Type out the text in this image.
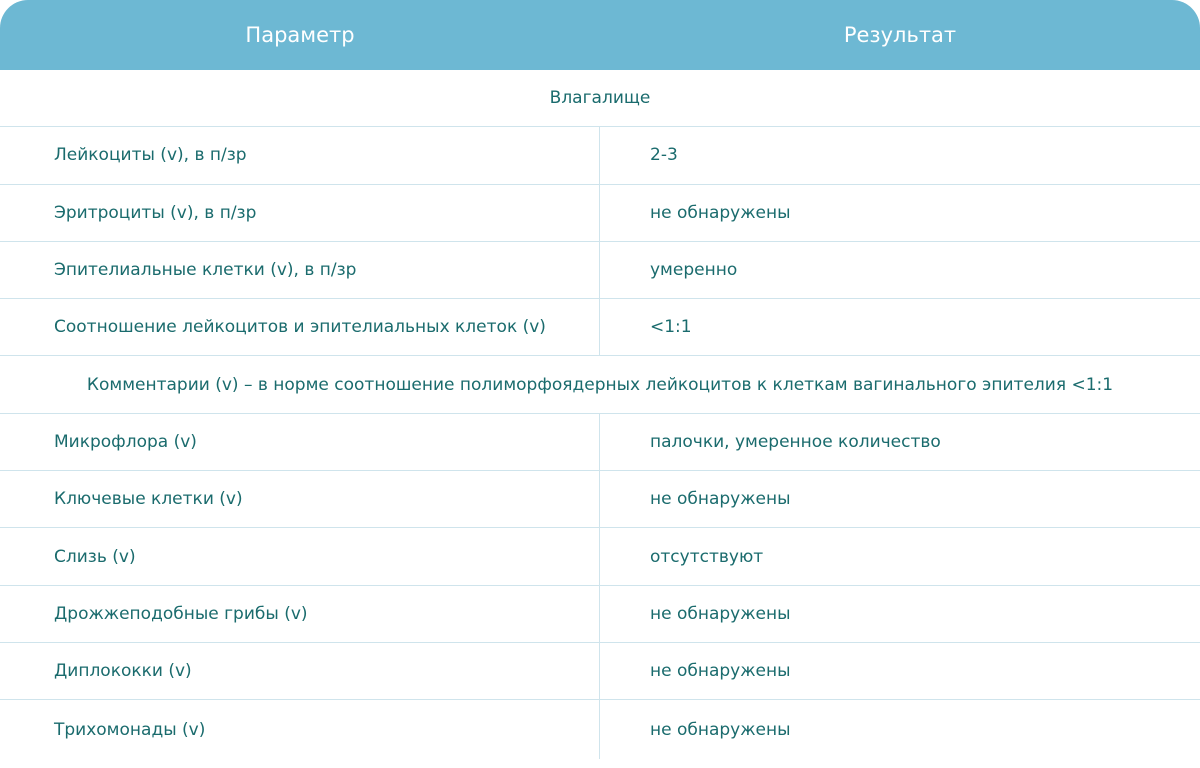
Параметр	Результат
Влагалище
Лейкоциты (v), в п/зр	2-3
Эритроциты (v), в п/зр	не обнаружены
Эпителиальные клетки (v), в п/зр	умеренно
Соотношение лейкоцитов и эпителиальных клеток (v)	<1:1
Комментарии (v) – в норме соотношение полиморфоядерных лейкоцитов к клеткам вагинального эпителия <1:1
Микрофлора (v)	палочки, умеренное количество
Ключевые клетки (v)	не обнаружены
Слизь (v)	отсутствуют
Дрожжеподобные грибы (v)	не обнаружены
Диплококки (v)	не обнаружены
Трихомонады (v)	не обнаружены
